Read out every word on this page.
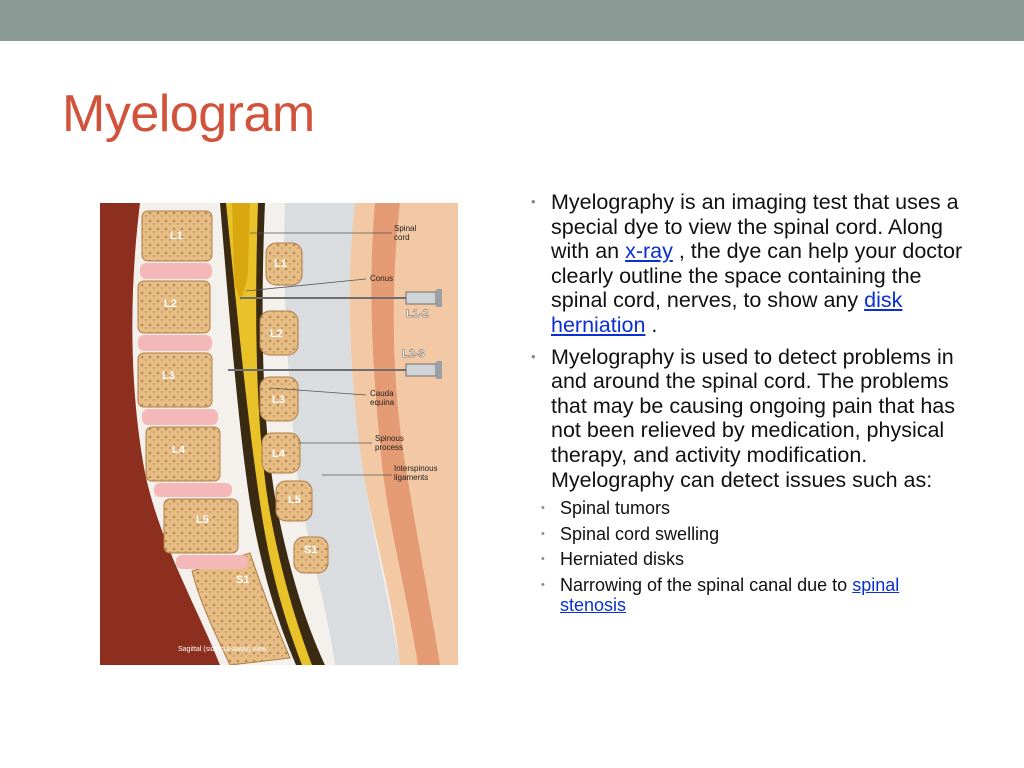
Myelogram
Spinal
cord
Conus
Cauda
equina
Spinous
process
Interspinous
ligaments
L1-2
L2-3
L1
L2
L3
L4
L5
S1
L1
L2
L3
L4
L5
S1
Sagittal (side cut-away) view
• Myelography is an imaging test that uses a special dye to view the spinal cord. Along with an x-ray , the dye can help your doctor clearly outline the space containing the spinal cord, nerves, to show any disk herniation .
• Myelography is used to detect problems in and around the spinal cord. The problems that may be causing ongoing pain that has not been relieved by medication, physical therapy, and activity modification. Myelography can detect issues such as:
• Spinal tumors
• Spinal cord swelling
• Herniated disks
• Narrowing of the spinal canal due to spinal stenosis
